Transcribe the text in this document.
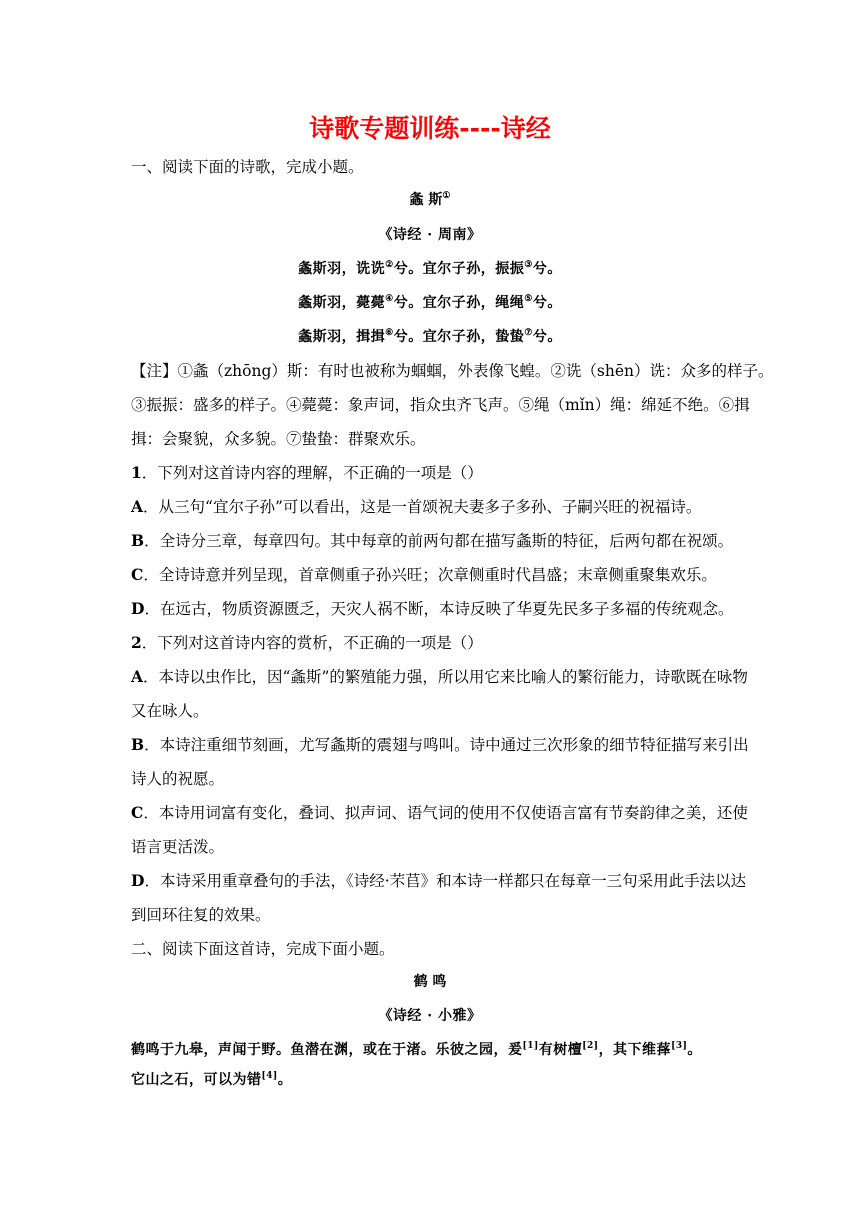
诗歌专题训练----诗经
一、阅读下面的诗歌，完成小题。
螽 斯①
《诗经 · 周南》
螽斯羽，诜诜②兮。宜尔子孙，振振③兮。
螽斯羽，薨薨④兮。宜尔子孙，绳绳⑤兮。
螽斯羽，揖揖⑥兮。宜尔子孙，蛰蛰⑦兮。
【注】①螽（zhōng）斯：有时也被称为蝈蝈，外表像飞蝗。②诜（shēn）诜：众多的样子。
③振振：盛多的样子。④薨薨：象声词，指众虫齐飞声。⑤绳（mǐn）绳：绵延不绝。⑥揖
揖：会聚貌，众多貌。⑦蛰蛰：群聚欢乐。
1．下列对这首诗内容的理解，不正确的一项是（）
A．从三句“宜尔子孙”可以看出，这是一首颂祝夫妻多子多孙、子嗣兴旺的祝福诗。
B．全诗分三章，每章四句。其中每章的前两句都在描写螽斯的特征，后两句都在祝颂。
C．全诗诗意并列呈现，首章侧重子孙兴旺；次章侧重时代昌盛；末章侧重聚集欢乐。
D．在远古，物质资源匮乏，天灾人祸不断，本诗反映了华夏先民多子多福的传统观念。
2．下列对这首诗内容的赏析，不正确的一项是（）
A．本诗以虫作比，因“螽斯”的繁殖能力强，所以用它来比喻人的繁衍能力，诗歌既在咏物
又在咏人。
B．本诗注重细节刻画，尤写螽斯的震翅与鸣叫。诗中通过三次形象的细节特征描写来引出
诗人的祝愿。
C．本诗用词富有变化，叠词、拟声词、语气词的使用不仅使语言富有节奏韵律之美，还使
语言更活泼。
D．本诗采用重章叠句的手法，《诗经·芣苢》和本诗一样都只在每章一三句采用此手法以达
到回环往复的效果。
二、阅读下面这首诗，完成下面小题。
鹤 鸣
《诗经 · 小雅》
鹤鸣于九皋，声闻于野。鱼潜在渊，或在于渚。乐彼之园，爰[1]有树檀[2]，其下维萚[3]。
它山之石，可以为错[4]。
